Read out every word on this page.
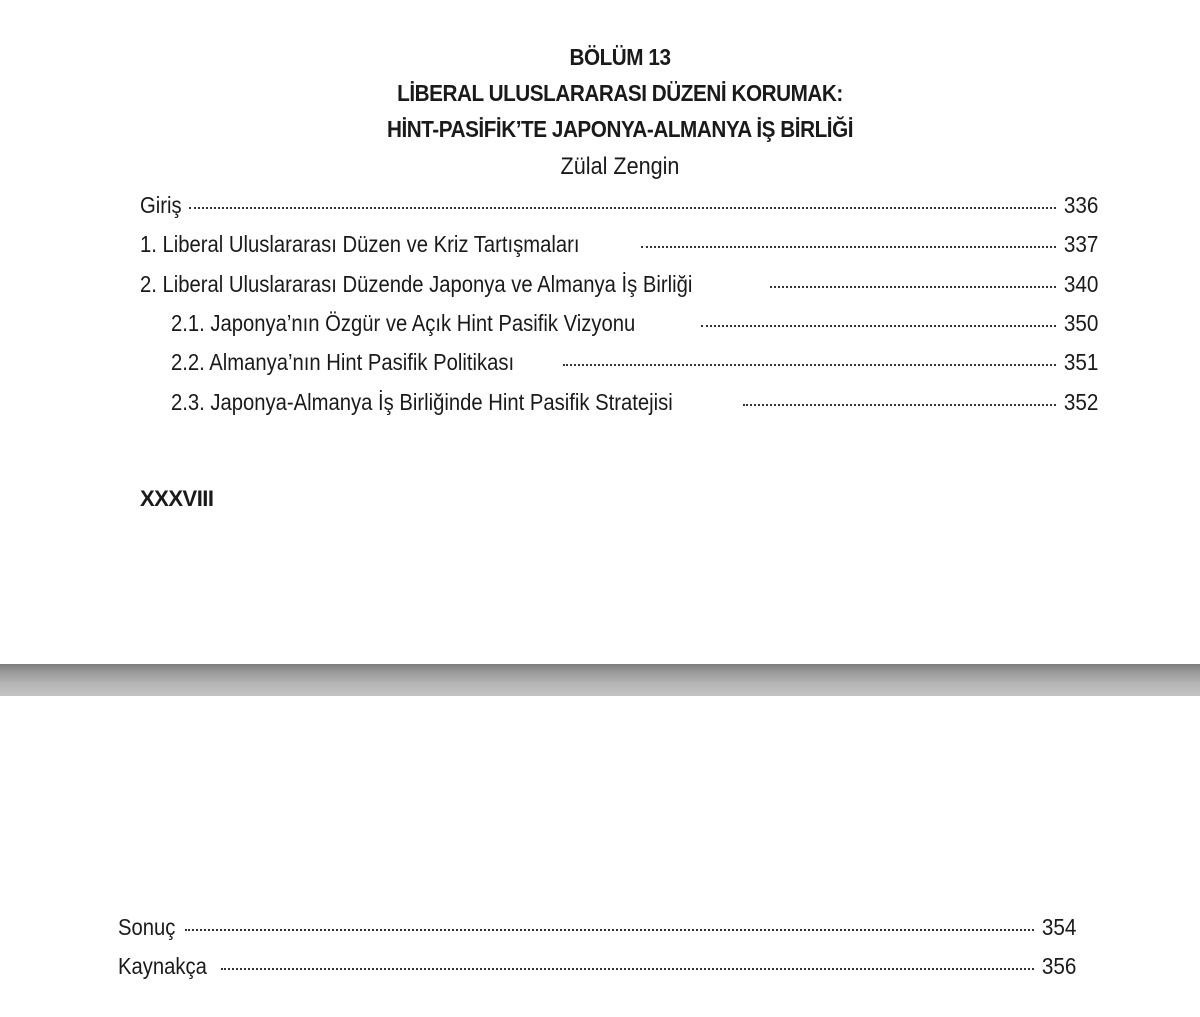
BÖLÜM 13
LİBERAL ULUSLARARASI DÜZENİ KORUMAK:
HİNT-PASİFİK’TE JAPONYA-ALMANYA İŞ BİRLİĞİ
Zülal Zengin
Giriş	336
1. Liberal Uluslararası Düzen ve Kriz Tartışmaları	337
2. Liberal Uluslararası Düzende Japonya ve Almanya İş Birliği	340
2.1. Japonya’nın Özgür ve Açık Hint Pasifik Vizyonu	350
2.2. Almanya’nın Hint Pasifik Politikası	351
2.3. Japonya-Almanya İş Birliğinde Hint Pasifik Stratejisi	352
XXXVIII
Sonuç	354
Kaynakça	356
